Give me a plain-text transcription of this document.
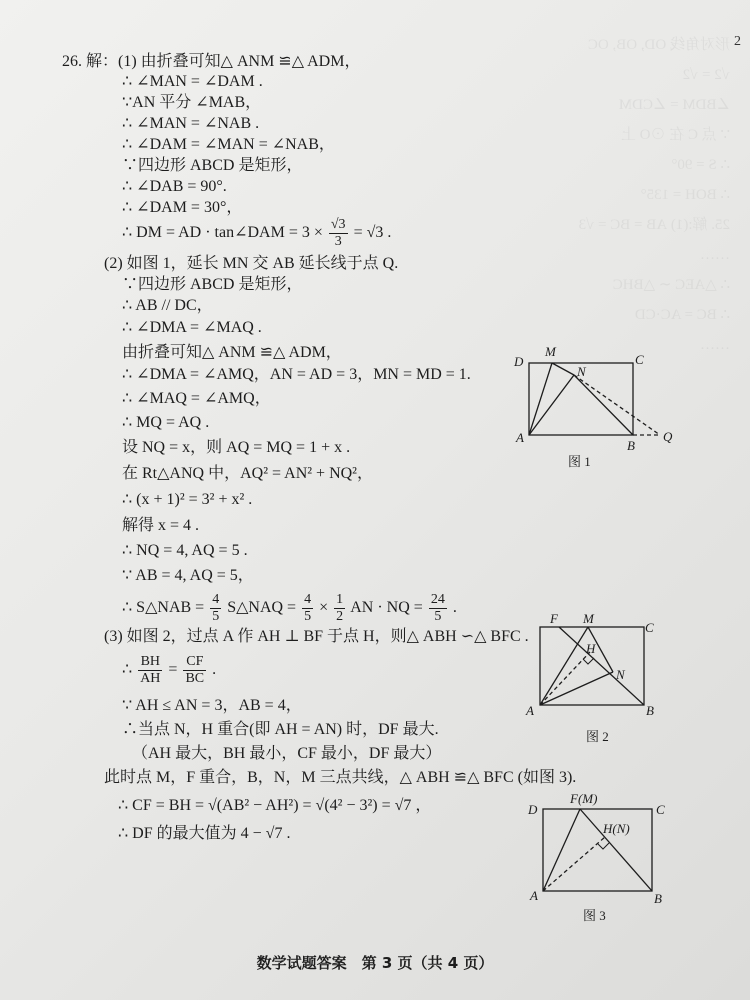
形对角线 OD, OB, OC
√2 = √2
∠BDM = ∠CDM
∵ 点 C 在 ⊙O 上
∴ S = 90°
∴ BOH = 135°
25. 解:(1) AB = BC = √3
……
∴ △AEC ∽ △BHC
∴ BC = AC·CD
……
2
26. 解：(1) 由折叠可知△ ANM ≌△ ADM，
∴ ∠MAN = ∠DAM .
∵AN 平分 ∠MAB，
∴ ∠MAN = ∠NAB .
∴ ∠DAM = ∠MAN = ∠NAB，
∵四边形 ABCD 是矩形，
∴ ∠DAB = 90°.
∴ ∠DAM = 30°，
∴ DM = AD · tan∠DAM = $3 \times \frac{√3}{3} = √3$ .
(2) 如图 1，延长 MN 交 AB 延长线于点 Q.
∵四边形 ABCD 是矩形，
∴ AB // DC，
∴ ∠DMA = ∠MAQ .
由折叠可知△ ANM ≌△ ADM，
∴ ∠DMA = ∠AMQ，AN = AD = 3，MN = MD = 1.
∴ ∠MAQ = ∠AMQ，
∴ MQ = AQ .
设 NQ = x，则 AQ = MQ = 1 + x .
在 Rt△ANQ 中，AQ² = AN² + NQ²，
∴ (x + 1)² = 3² + x² .
解得 x = 4 .
∴ NQ = 4, AQ = 5 .
∵ AB = 4, AQ = 5，
∴ S△NAB = $\frac{4}{5}$ S△NAQ = $\frac{4}{5} \times \frac{1}{2}$ AN · NQ = $\frac{24}{5}$ .
(3) 如图 2，过点 A 作 AH ⊥ BF 于点 H，则△ ABH ∽△ BFC .
∴ $\frac{BH}{AH} = \frac{CF}{BC}$ .
∵ AH ≤ AN = 3，AB = 4，
∴当点 N，H 重合(即 AH = AN) 时，DF 最大.
（AH 最大，BH 最小，CF 最小，DF 最大）
此时点 M，F 重合，B，N，M 三点共线，△ ABH ≌△ BFC (如图 3).
∴ CF = BH = √(AB² − AH²) = √(4² − 3²) = √7 ，
∴ DF 的最大值为 4 − √7 .
D
M
C
N
A
B
Q
图 1
F M
C
H
N
A	B
图 2
D
F(M)
C
H(N)
A	B
图 3
数学试题答案　第 3 页（共 4 页）
